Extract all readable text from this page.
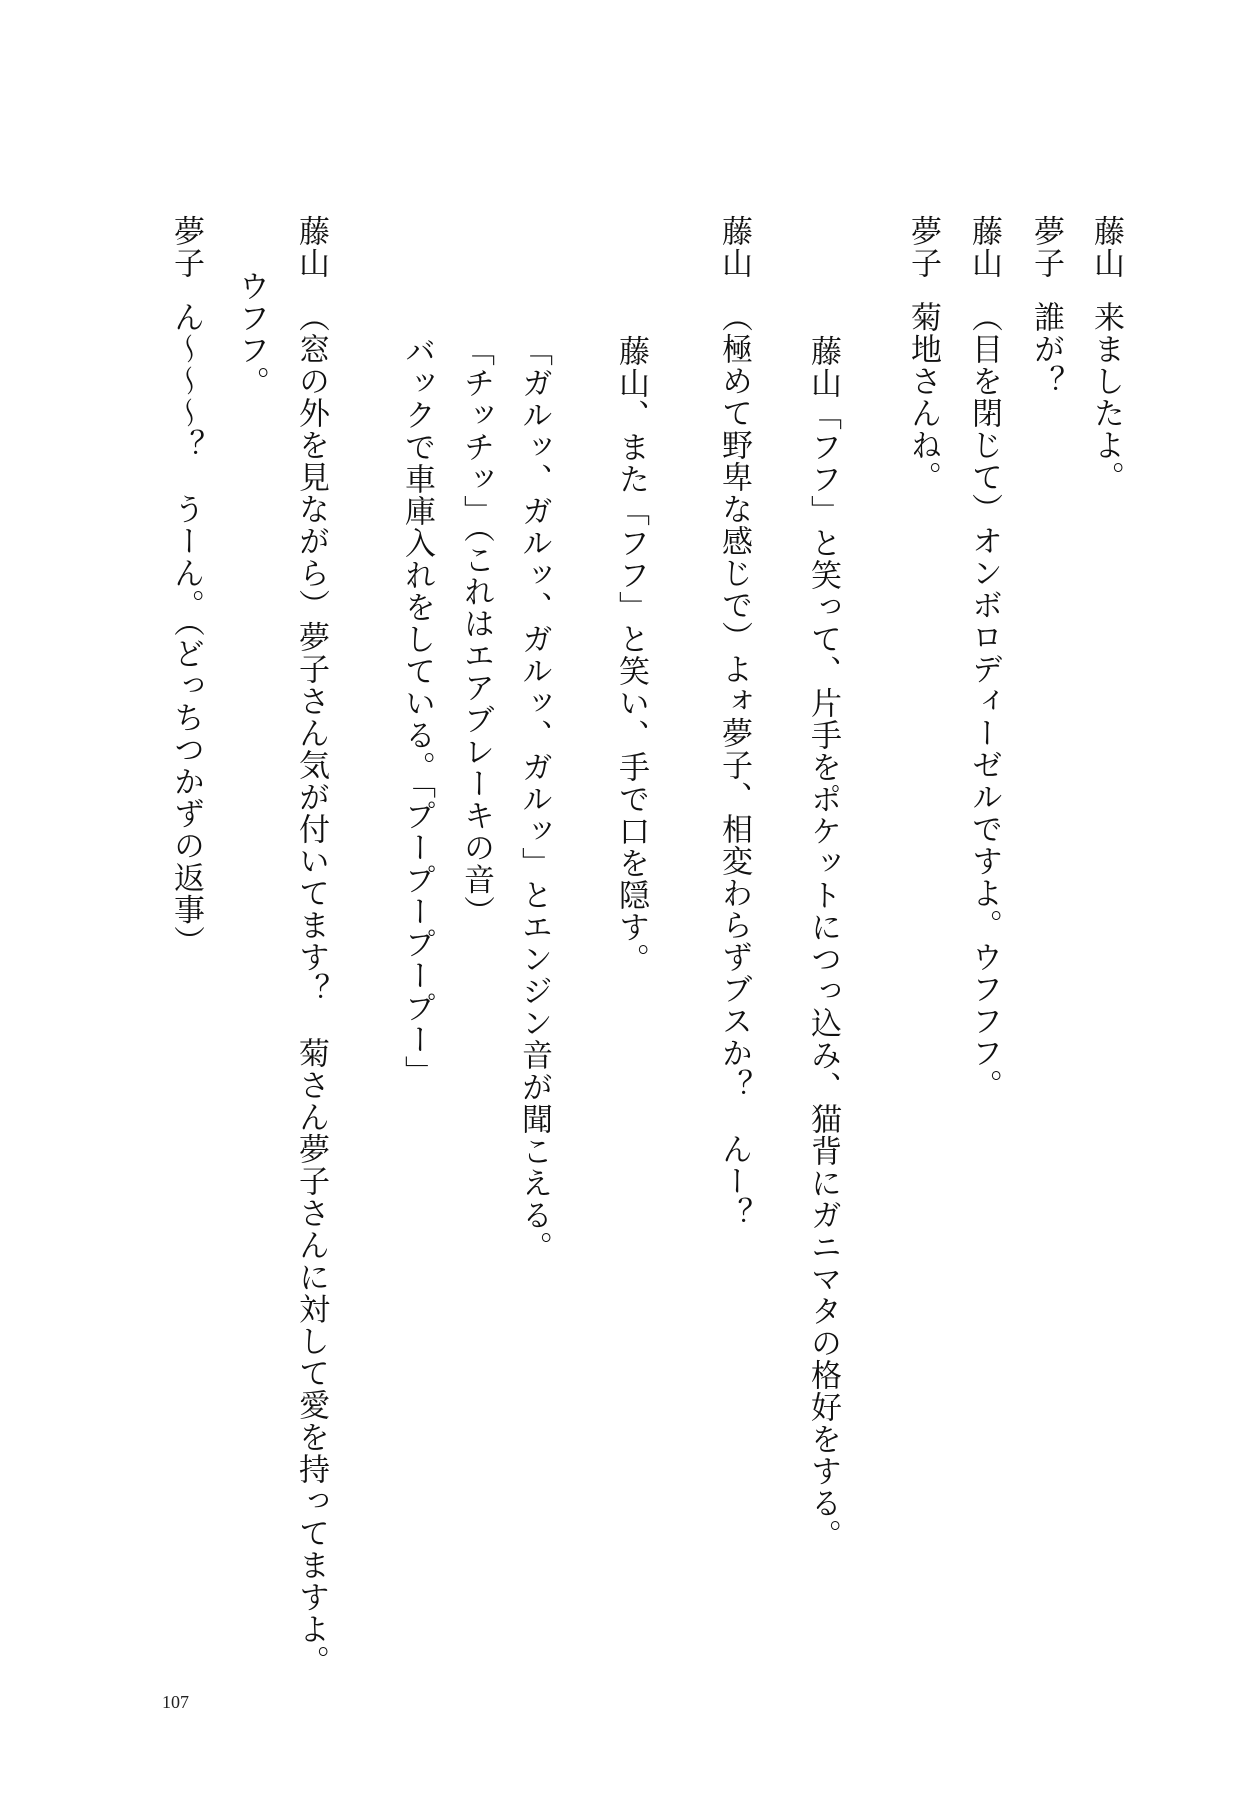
藤山来ましたよ。
夢子誰が？
藤山（目を閉じて）オンボロディーゼルですよ。ウフフフ。
夢子菊地さんね。
藤山「フフ」と笑って、片手をポケットにつっ込み、猫背にガニマタの格好をする。
藤山（極めて野卑な感じで）よォ夢子、相変わらずブスか？　んー？
藤山、また「フフ」と笑い、手で口を隠す。
「ガルッ、ガルッ、ガルッ、ガルッ」とエンジン音が聞こえる。
「チッチッ」（これはエアブレーキの音）
バックで車庫入れをしている。「プープープープー」
藤山（窓の外を見ながら）夢子さん気が付いてます？　菊さん夢子さんに対して愛を持ってますよ。
ウフフ。
夢子ん〜〜〜？　うーん。（どっちつかずの返事）
107
